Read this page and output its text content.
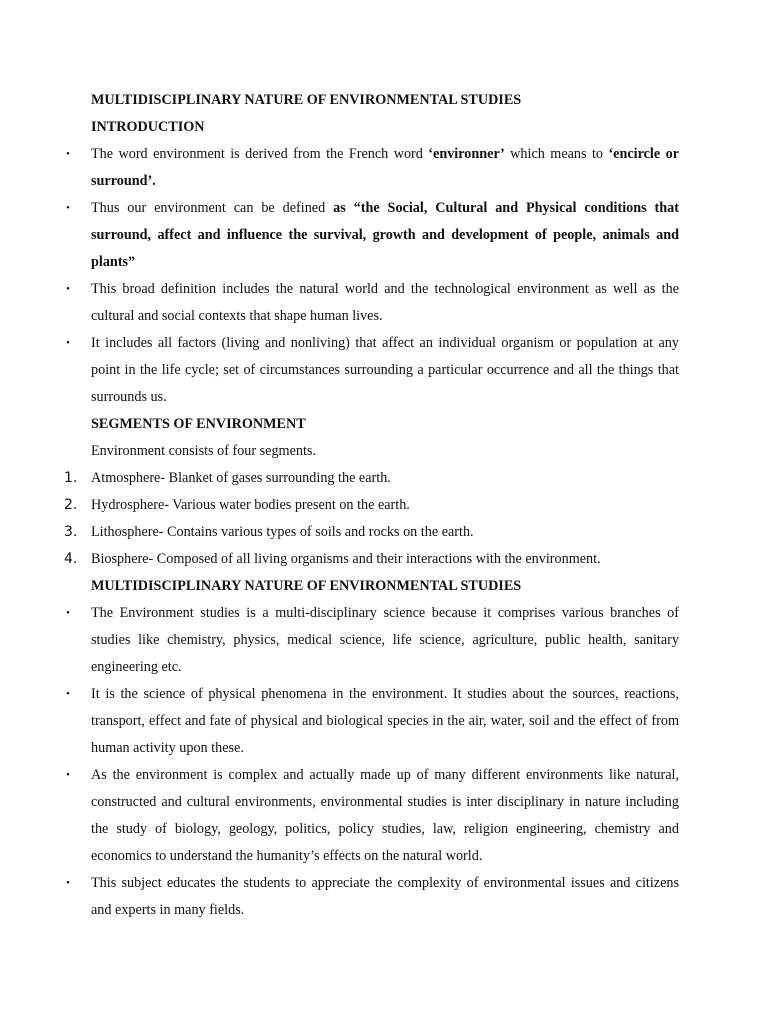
MULTIDISCIPLINARY NATURE OF ENVIRONMENTAL STUDIES
INTRODUCTION
• The word environment is derived from the French word ‘environner’ which means to ‘encircle or surround’.
• Thus our environment can be defined as “the Social, Cultural and Physical conditions that surround, affect and influence the survival, growth and development of people, animals and plants”
• This broad definition includes the natural world and the technological environment as well as the cultural and social contexts that shape human lives.
• It includes all factors (living and nonliving) that affect an individual organism or population at any point in the life cycle; set of circumstances surrounding a particular occurrence and all the things that surrounds us.
SEGMENTS OF ENVIRONMENT

Environment consists of four segments.

1. Atmosphere- Blanket of gases surrounding the earth.
2. Hydrosphere- Various water bodies present on the earth.
3. Lithosphere- Contains various types of soils and rocks on the earth.
4. Biosphere- Composed of all living organisms and their interactions with the environment.
MULTIDISCIPLINARY NATURE OF ENVIRONMENTAL STUDIES
• The Environment studies is a multi-disciplinary science because it comprises various branches of studies like chemistry, physics, medical science, life science, agriculture, public health, sanitary engineering etc.
• It is the science of physical phenomena in the environment. It studies about the sources, reactions, transport, effect and fate of physical and biological species in the air, water, soil and the effect of from human activity upon these.
• As the environment is complex and actually made up of many different environments like natural, constructed and cultural environments, environmental studies is inter disciplinary in nature including the study of biology, geology, politics, policy studies, law, religion engineering, chemistry and economics to understand the humanity’s effects on the natural world.
• This subject educates the students to appreciate the complexity of environmental issues and citizens and experts in many fields.
